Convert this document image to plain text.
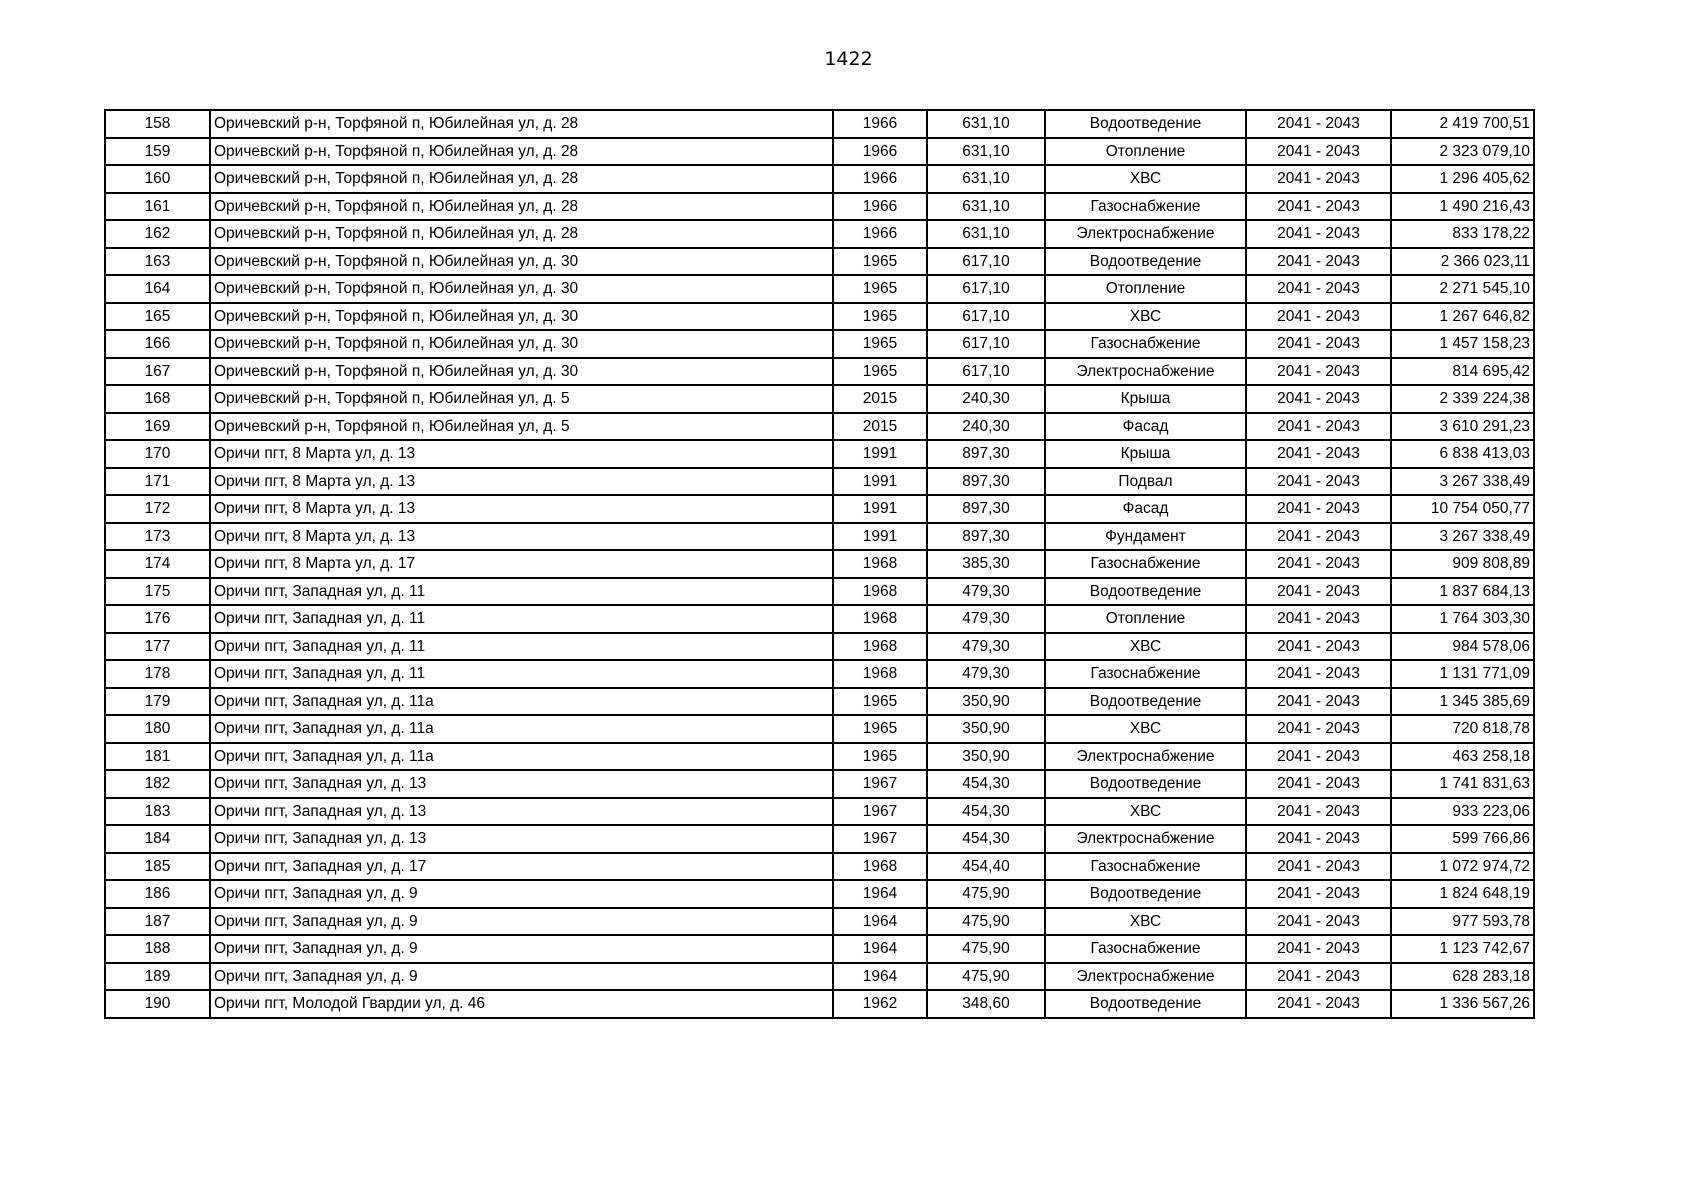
1422
158	Оричевский р-н, Торфяной п, Юбилейная ул, д. 28	1966	631,10	Водоотведение	2041 - 2043	2 419 700,51
159	Оричевский р-н, Торфяной п, Юбилейная ул, д. 28	1966	631,10	Отопление	2041 - 2043	2 323 079,10
160	Оричевский р-н, Торфяной п, Юбилейная ул, д. 28	1966	631,10	ХВС	2041 - 2043	1 296 405,62
161	Оричевский р-н, Торфяной п, Юбилейная ул, д. 28	1966	631,10	Газоснабжение	2041 - 2043	1 490 216,43
162	Оричевский р-н, Торфяной п, Юбилейная ул, д. 28	1966	631,10	Электроснабжение	2041 - 2043	833 178,22
163	Оричевский р-н, Торфяной п, Юбилейная ул, д. 30	1965	617,10	Водоотведение	2041 - 2043	2 366 023,11
164	Оричевский р-н, Торфяной п, Юбилейная ул, д. 30	1965	617,10	Отопление	2041 - 2043	2 271 545,10
165	Оричевский р-н, Торфяной п, Юбилейная ул, д. 30	1965	617,10	ХВС	2041 - 2043	1 267 646,82
166	Оричевский р-н, Торфяной п, Юбилейная ул, д. 30	1965	617,10	Газоснабжение	2041 - 2043	1 457 158,23
167	Оричевский р-н, Торфяной п, Юбилейная ул, д. 30	1965	617,10	Электроснабжение	2041 - 2043	814 695,42
168	Оричевский р-н, Торфяной п, Юбилейная ул, д. 5	2015	240,30	Крыша	2041 - 2043	2 339 224,38
169	Оричевский р-н, Торфяной п, Юбилейная ул, д. 5	2015	240,30	Фасад	2041 - 2043	3 610 291,23
170	Оричи пгт, 8 Марта ул, д. 13	1991	897,30	Крыша	2041 - 2043	6 838 413,03
171	Оричи пгт, 8 Марта ул, д. 13	1991	897,30	Подвал	2041 - 2043	3 267 338,49
172	Оричи пгт, 8 Марта ул, д. 13	1991	897,30	Фасад	2041 - 2043	10 754 050,77
173	Оричи пгт, 8 Марта ул, д. 13	1991	897,30	Фундамент	2041 - 2043	3 267 338,49
174	Оричи пгт, 8 Марта ул, д. 17	1968	385,30	Газоснабжение	2041 - 2043	909 808,89
175	Оричи пгт, Западная ул, д. 11	1968	479,30	Водоотведение	2041 - 2043	1 837 684,13
176	Оричи пгт, Западная ул, д. 11	1968	479,30	Отопление	2041 - 2043	1 764 303,30
177	Оричи пгт, Западная ул, д. 11	1968	479,30	ХВС	2041 - 2043	984 578,06
178	Оричи пгт, Западная ул, д. 11	1968	479,30	Газоснабжение	2041 - 2043	1 131 771,09
179	Оричи пгт, Западная ул, д. 11а	1965	350,90	Водоотведение	2041 - 2043	1 345 385,69
180	Оричи пгт, Западная ул, д. 11а	1965	350,90	ХВС	2041 - 2043	720 818,78
181	Оричи пгт, Западная ул, д. 11а	1965	350,90	Электроснабжение	2041 - 2043	463 258,18
182	Оричи пгт, Западная ул, д. 13	1967	454,30	Водоотведение	2041 - 2043	1 741 831,63
183	Оричи пгт, Западная ул, д. 13	1967	454,30	ХВС	2041 - 2043	933 223,06
184	Оричи пгт, Западная ул, д. 13	1967	454,30	Электроснабжение	2041 - 2043	599 766,86
185	Оричи пгт, Западная ул, д. 17	1968	454,40	Газоснабжение	2041 - 2043	1 072 974,72
186	Оричи пгт, Западная ул, д. 9	1964	475,90	Водоотведение	2041 - 2043	1 824 648,19
187	Оричи пгт, Западная ул, д. 9	1964	475,90	ХВС	2041 - 2043	977 593,78
188	Оричи пгт, Западная ул, д. 9	1964	475,90	Газоснабжение	2041 - 2043	1 123 742,67
189	Оричи пгт, Западная ул, д. 9	1964	475,90	Электроснабжение	2041 - 2043	628 283,18
190	Оричи пгт, Молодой Гвардии ул, д. 46	1962	348,60	Водоотведение	2041 - 2043	1 336 567,26
